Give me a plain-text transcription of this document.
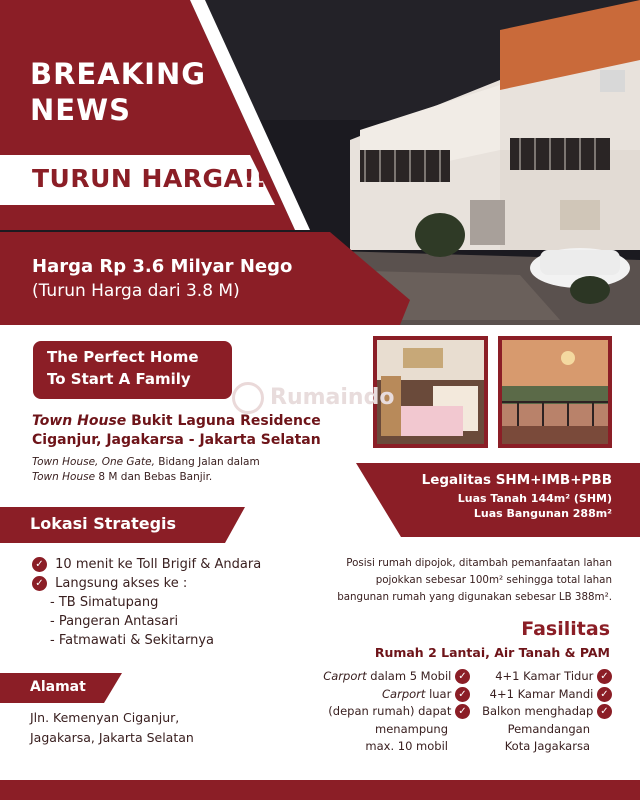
BREAKING
NEWS
TURUN HARGA!!
Harga Rp 3.6 Milyar Nego
(Turun Harga dari 3.8 M)
The Perfect Home
To Start A Family
Rumaindo
Town House Bukit Laguna Residence
Ciganjur, Jagakarsa - Jakarta Selatan
Town House, One Gate, Bidang Jalan dalam
Town House 8 M dan Bebas Banjir.	Legalitas SHM+IMB+PBB
Luas Tanah 144m² (SHM)
Luas Bangunan 288m²
Lokasi Strategis
✓ 10 menit ke Toll Brigif & Andara
✓ Langsung akses ke :
- TB Simatupang
- Pangeran Antasari
- Fatmawati & Sekitarnya
Posisi rumah dipojok, ditambah pemanfaatan lahan
pojokkan sebesar 100m² sehingga total lahan
bangunan rumah yang digunakan sebesar LB 388m².
Fasilitas
Rumah 2 Lantai, Air Tanah & PAM
Carport dalam 5 Mobil ✓
Carport luar ✓
(depan rumah) dapat ✓
menampung
max. 10 mobil
4+1 Kamar Tidur ✓
4+1 Kamar Mandi ✓
Balkon menghadap ✓
Pemandangan
Kota Jagakarsa
Alamat
Jln. Kemenyan Ciganjur,
Jagakarsa, Jakarta Selatan
